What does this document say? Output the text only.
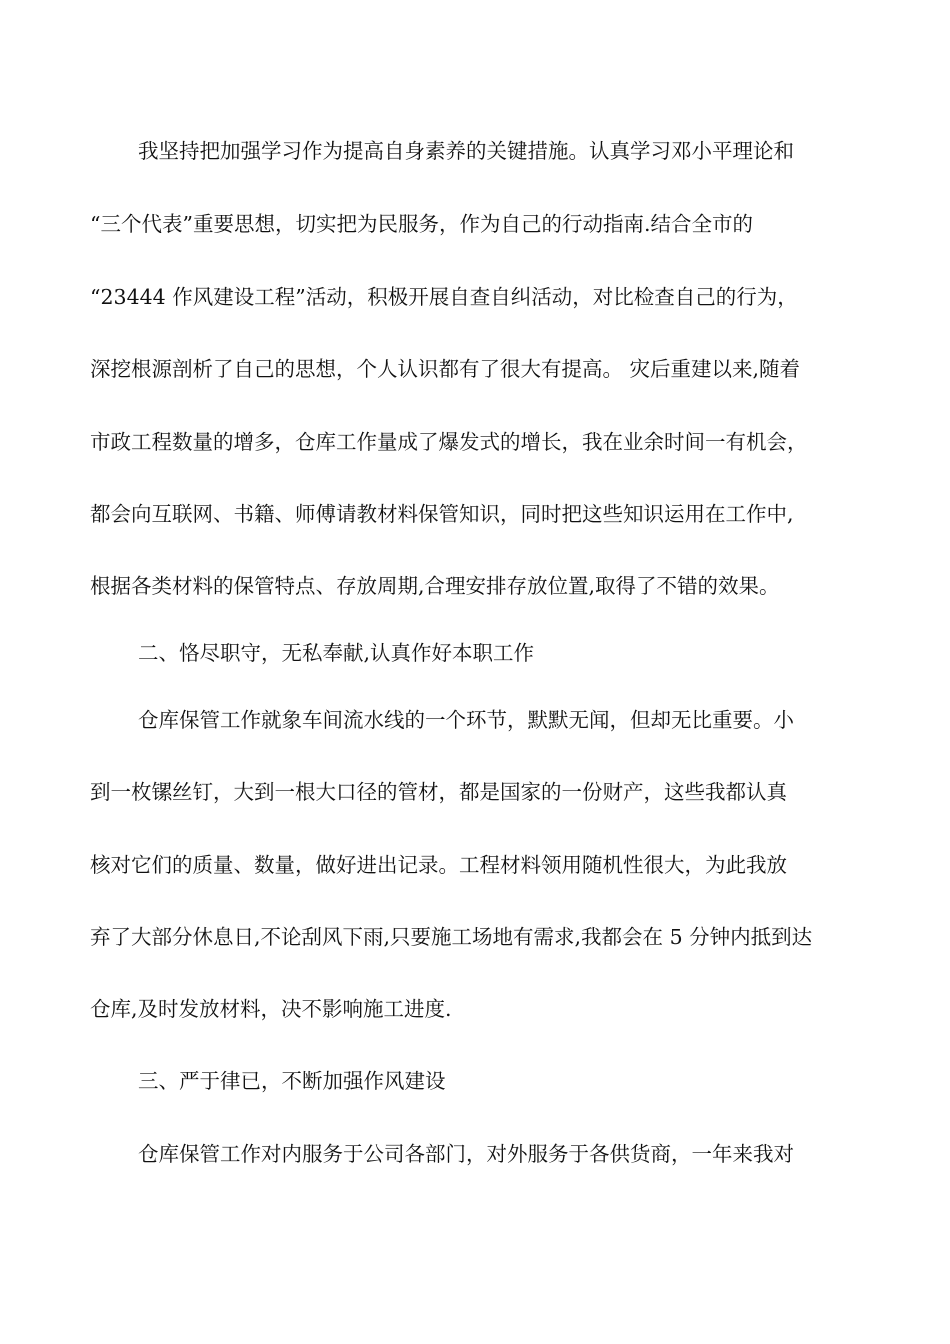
我坚持把加强学习作为提高自身素养的关键措施。认真学习邓小平理论和
“三个代表”重要思想，切实把为民服务，作为自己的行动指南.结合全市的
“23444 作风建设工程”活动，积极开展自查自纠活动，对比检查自己的行为，
深挖根源剖析了自己的思想，个人认识都有了很大有提高。 灾后重建以来,随着
市政工程数量的增多，仓库工作量成了爆发式的增长，我在业余时间一有机会，
都会向互联网、书籍、师傅请教材料保管知识，同时把这些知识运用在工作中,
根据各类材料的保管特点、存放周期,合理安排存放位置,取得了不错的效果。
二、恪尽职守，无私奉献,认真作好本职工作
仓库保管工作就象车间流水线的一个环节，默默无闻，但却无比重要。小
到一枚镙丝钉，大到一根大口径的管材，都是国家的一份财产，这些我都认真
核对它们的质量、数量，做好进出记录。工程材料领用随机性很大，为此我放
弃了大部分休息日,不论刮风下雨,只要施工场地有需求,我都会在 5 分钟内抵到达
仓库,及时发放材料，决不影响施工进度.
三、严于律已，不断加强作风建设
仓库保管工作对内服务于公司各部门，对外服务于各供货商，一年来我对
